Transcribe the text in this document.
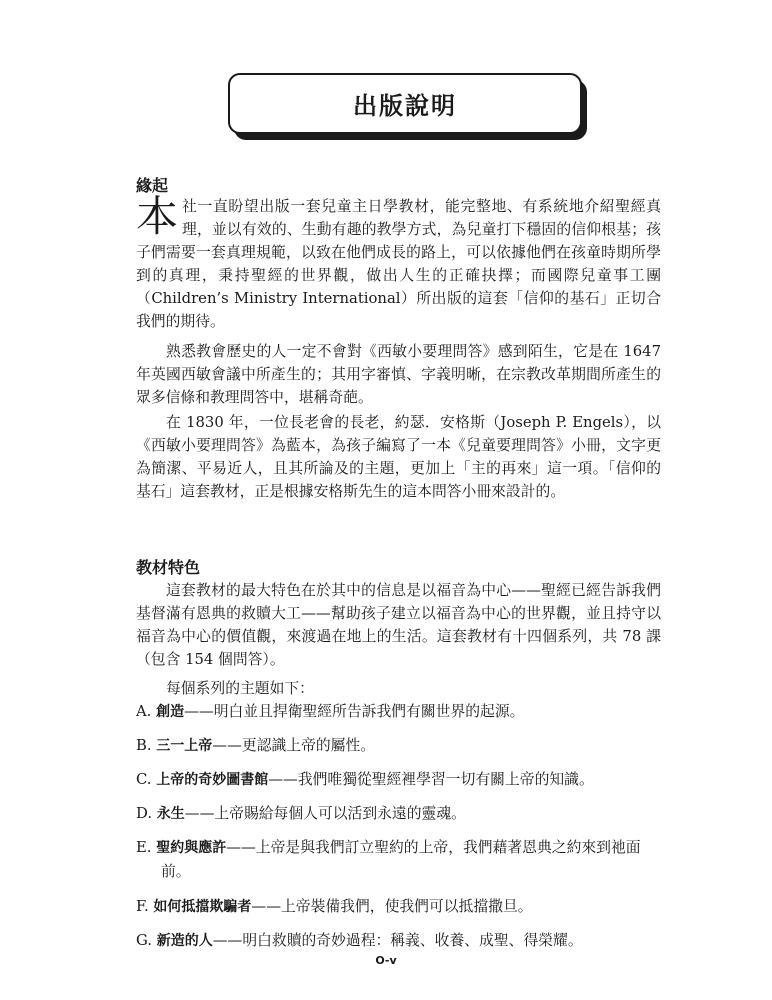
出版說明
緣起

本 社一直盼望出版一套兒童主日學教材，能完整地、有系統地介紹聖經真理，並以有效的、生動有趣的教學方式，為兒童打下穩固的信仰根基；孩子們需要一套真理規範，以致在他們成長的路上，可以依據他們在孩童時期所學到的真理，秉持聖經的世界觀，做出人生的正確抉擇；而國際兒童事工團（Children’s Ministry International）所出版的這套「信仰的基石」正切合我們的期待。

熟悉教會歷史的人一定不會對《西敏小要理問答》感到陌生，它是在 1647 年英國西敏會議中所產生的；其用字審慎、字義明晰，在宗教改革期間所產生的眾多信條和教理問答中，堪稱奇葩。

在 1830 年，一位長老會的長老，約瑟．安格斯（Joseph P. Engels），以《西敏小要理問答》為藍本，為孩子編寫了一本《兒童要理問答》小冊，文字更為簡潔、平易近人，且其所論及的主題，更加上「主的再來」這一項。「信仰的基石」這套教材，正是根據安格斯先生的這本問答小冊來設計的。

教材特色

這套教材的最大特色在於其中的信息是以福音為中心——聖經已經告訴我們基督滿有恩典的救贖大工——幫助孩子建立以福音為中心的世界觀，並且持守以福音為中心的價值觀，來渡過在地上的生活。這套教材有十四個系列，共 78 課（包含 154 個問答）。

每個系列的主題如下：

A. 創造——明白並且捍衛聖經所告訴我們有關世界的起源。
B. 三一上帝——更認識上帝的屬性。
C. 上帝的奇妙圖書館——我們唯獨從聖經裡學習一切有關上帝的知識。
D. 永生——上帝賜給每個人可以活到永遠的靈魂。
E. 聖約與應許——上帝是與我們訂立聖約的上帝，我們藉著恩典之約來到祂面前。
F. 如何抵擋欺騙者——上帝裝備我們，使我們可以抵擋撒旦。
G. 新造的人——明白救贖的奇妙過程：稱義、收養、成聖、得榮耀。
O-v
